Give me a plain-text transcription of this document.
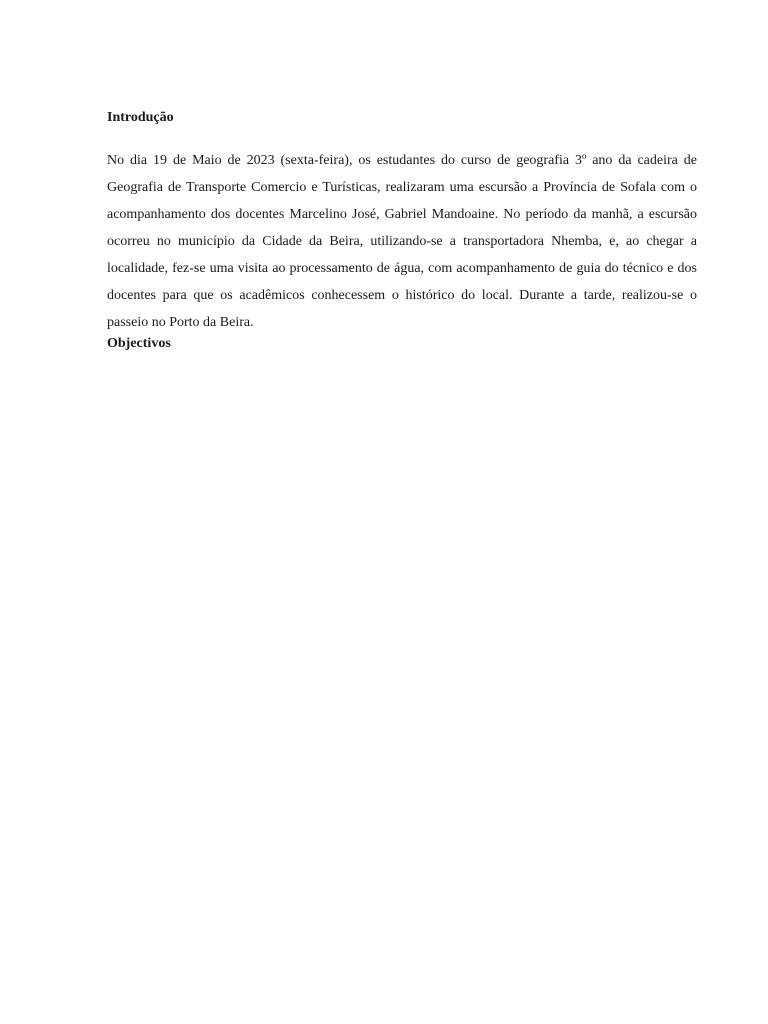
Introdução

No dia 19 de Maio de 2023 (sexta-feira), os estudantes do curso de geografia 3º ano da cadeira de Geografia de Transporte Comercio e Turísticas, realizaram uma escursão a Província de Sofala com o acompanhamento dos docentes Marcelino José, Gabriel Mandoaine. No período da manhã, a escursão ocorreu no município da Cidade da Beira, utilizando-se a transportadora Nhemba, e, ao chegar a localidade, fez-se uma visita ao processamento de água, com acompanhamento de guia do técnico e dos docentes para que os acadêmicos conhecessem o histórico do local. Durante a tarde, realizou-se o passeio no Porto da Beira.

Objectivos
